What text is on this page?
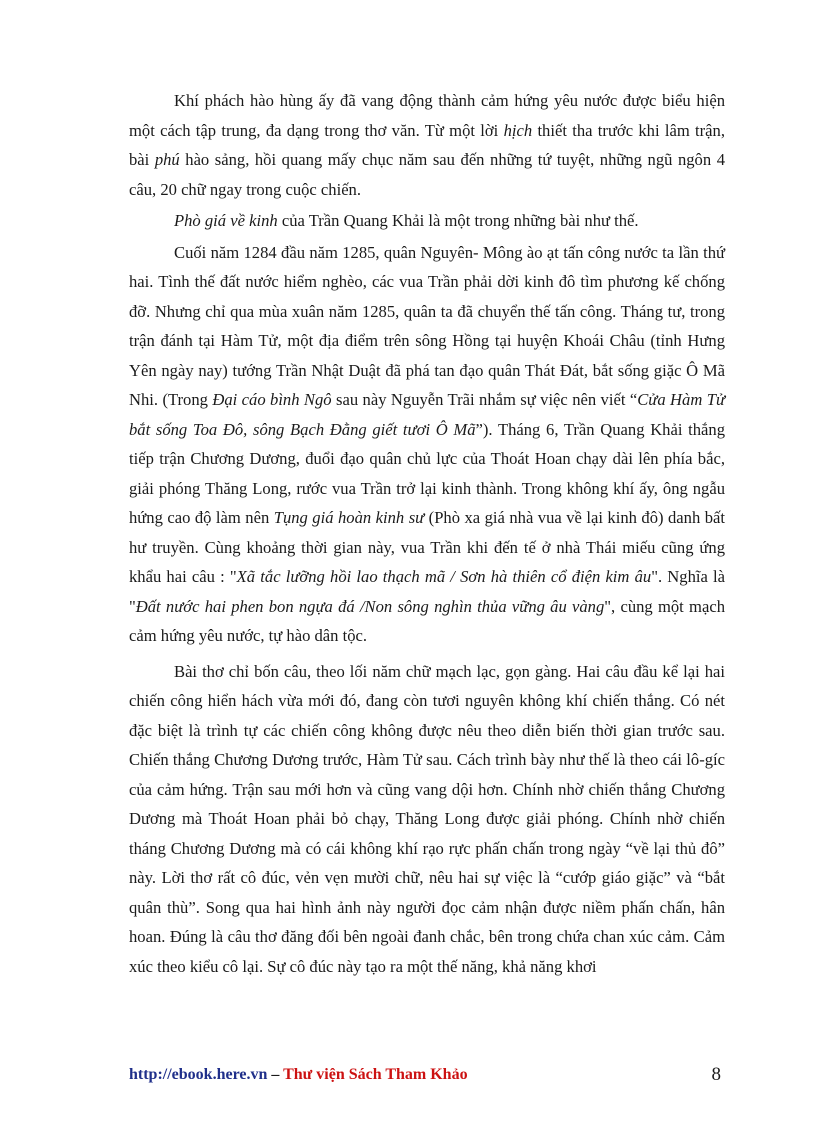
Khí phách hào hùng ấy đã vang động thành cảm hứng yêu nước được biểu hiện một cách tập trung, đa dạng trong thơ văn. Từ một lời hịch thiết tha trước khi lâm trận, bài phú hào sảng, hồi quang mấy chục năm sau đến những tứ tuyệt, những ngũ ngôn 4 câu, 20 chữ ngay trong cuộc chiến.

Phò giá về kinh của Trần Quang Khải là một trong những bài như thế.

Cuối năm 1284 đầu năm 1285, quân Nguyên- Mông ào ạt tấn công nước ta lần thứ hai. Tình thế đất nước hiểm nghèo, các vua Trần phải dời kinh đô tìm phương kế chống đỡ. Nhưng chỉ qua mùa xuân năm 1285, quân ta đã chuyển thế tấn công. Tháng tư, trong trận đánh tại Hàm Tử, một địa điểm trên sông Hồng tại huyện Khoái Châu (tỉnh Hưng Yên ngày nay) tướng Trần Nhật Duật đã phá tan đạo quân Thát Đát, bắt sống giặc Ô Mã Nhi. (Trong Đại cáo bình Ngô sau này Nguyễn Trãi nhắm sự việc nên viết “Cửa Hàm Tử bắt sống Toa Đô, sông Bạch Đằng giết tươi Ô Mã”). Tháng 6, Trần Quang Khải thắng tiếp trận Chương Dương, đuổi đạo quân chủ lực của Thoát Hoan chạy dài lên phía bắc, giải phóng Thăng Long, rước vua Trần trở lại kinh thành. Trong không khí ấy, ông ngẫu hứng cao độ làm nên Tụng giá hoàn kinh sư (Phò xa giá nhà vua về lại kinh đô) danh bất hư truyền. Cùng khoảng thời gian này, vua Trần khi đến tế ở nhà Thái miếu cũng ứng khẩu hai câu : "Xã tắc lưỡng hồi lao thạch mã / Sơn hà thiên cổ điện kim âu". Nghĩa là "Đất nước hai phen bon ngựa đá /Non sông nghìn thủa vững âu vàng", cùng một mạch cảm hứng yêu nước, tự hào dân tộc.

Bài thơ chỉ bốn câu, theo lối năm chữ mạch lạc, gọn gàng. Hai câu đầu kể lại hai chiến công hiển hách vừa mới đó, đang còn tươi nguyên không khí chiến thắng. Có nét đặc biệt là trình tự các chiến công không được nêu theo diễn biến thời gian trước sau. Chiến thắng Chương Dương trước, Hàm Tử sau. Cách trình bày như thế là theo cái lô-gíc của cảm hứng. Trận sau mới hơn và cũng vang dội hơn. Chính nhờ chiến thắng Chương Dương mà Thoát Hoan phải bỏ chạy, Thăng Long được giải phóng. Chính nhờ chiến tháng Chương Dương mà có cái không khí rạo rực phấn chấn trong ngày “về lại thủ đô” này. Lời thơ rất cô đúc, vẻn vẹn mười chữ, nêu hai sự việc là “cướp giáo giặc” và “bắt quân thù”. Song qua hai hình ảnh này người đọc cảm nhận được niềm phấn chấn, hân hoan. Đúng là câu thơ đăng đối bên ngoài đanh chắc, bên trong chứa chan xúc cảm. Cảm xúc theo kiểu cô lại. Sự cô đúc này tạo ra một thế năng, khả năng khơi

http://ebook.here.vn – Thư viện Sách Tham Khảo	8
